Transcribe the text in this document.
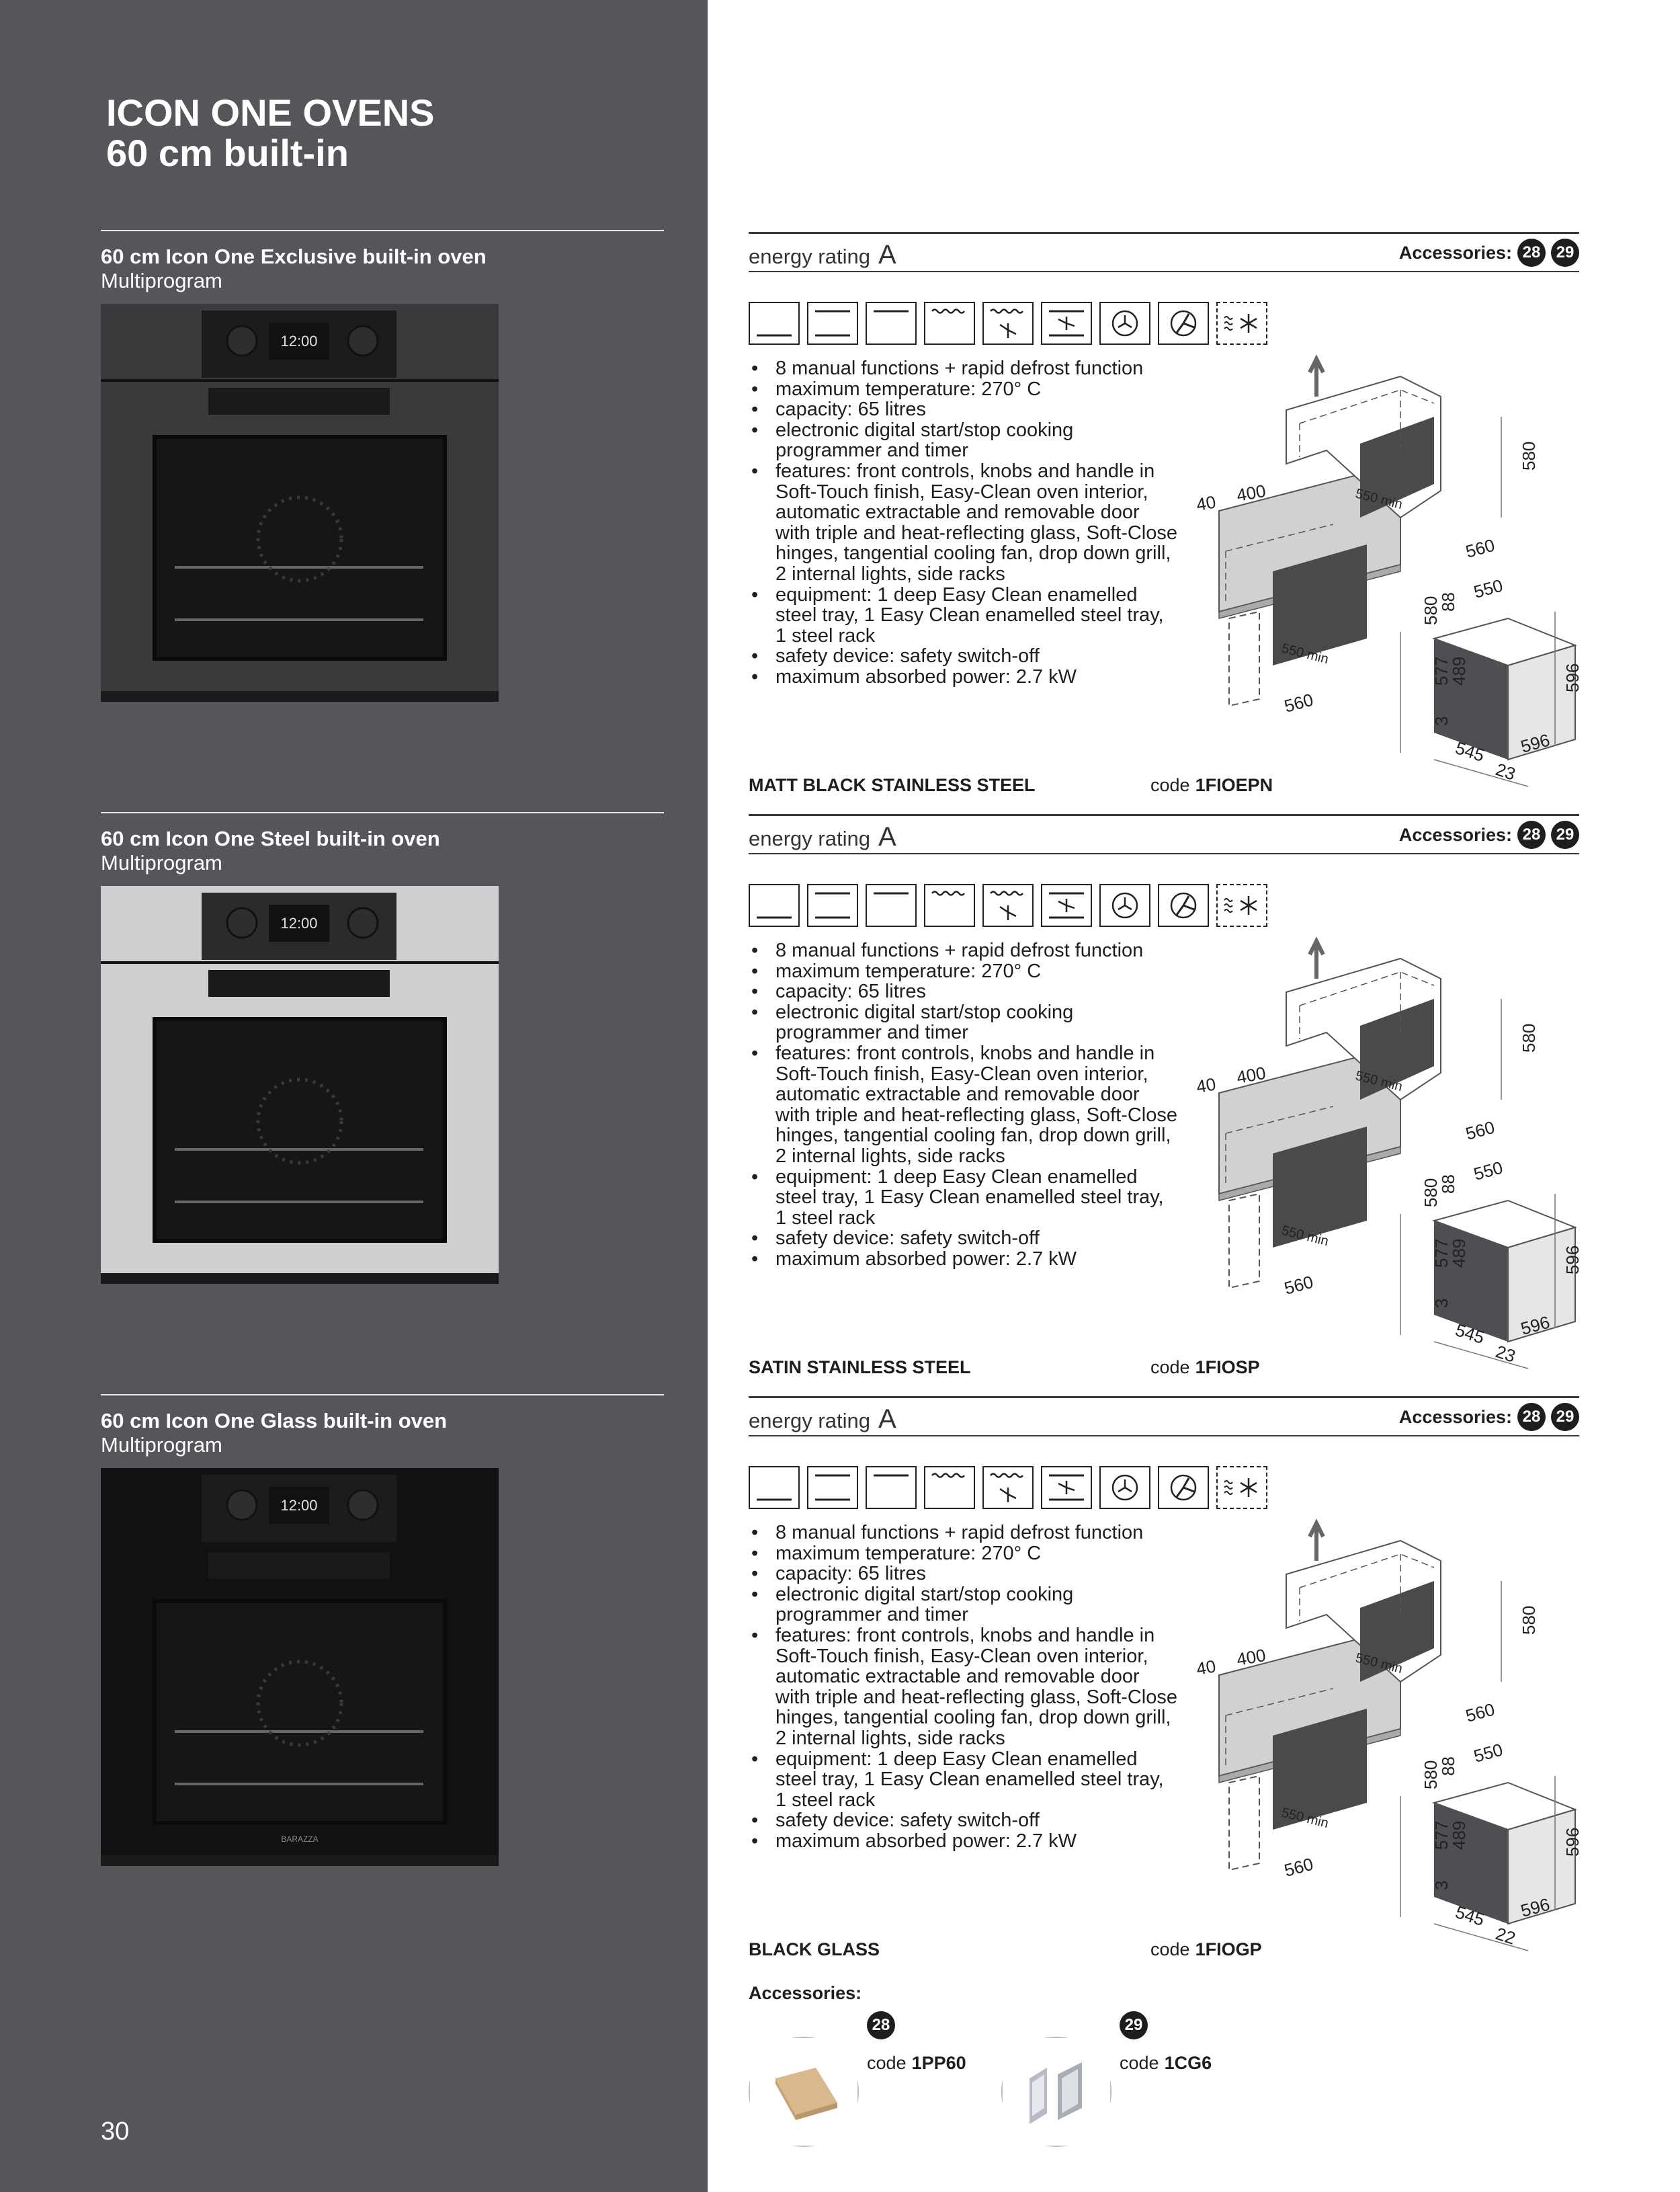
ICON ONE OVENS
60 cm built-in
60 cm Icon One Exclusive built-in oven
Multiprogram
12:00
energy rating A	Accessories: 28 29
• 8 manual functions + rapid defrost function
• maximum temperature: 270° C
• capacity: 65 litres
• electronic digital start/stop cooking programmer and timer
• features: front controls, knobs and handle in Soft-Touch finish, Easy-Clean oven interior, automatic extractable and removable door with triple and heat-reflecting glass, Soft-Close hinges, tangential cooling fan, drop down grill, 2 internal lights, side racks
• equipment: 1 deep Easy Clean enamelled steel tray, 1 Easy Clean enamelled steel tray, 1 steel rack
• safety device: safety switch-off
• maximum absorbed power: 2.7 kW
40 400	550 min
580
560
580
550 min
560
88 550
577
489
3
596
545
23
596
MATT BLACK STAINLESS STEEL	code 1FIOEPN
60 cm Icon One Steel built-in oven
Multiprogram
12:00
energy rating A	Accessories: 28 29
• 8 manual functions + rapid defrost function
• maximum temperature: 270° C
• capacity: 65 litres
• electronic digital start/stop cooking programmer and timer
• features: front controls, knobs and handle in Soft-Touch finish, Easy-Clean oven interior, automatic extractable and removable door with triple and heat-reflecting glass, Soft-Close hinges, tangential cooling fan, drop down grill, 2 internal lights, side racks
• equipment: 1 deep Easy Clean enamelled steel tray, 1 Easy Clean enamelled steel tray, 1 steel rack
• safety device: safety switch-off
• maximum absorbed power: 2.7 kW
40 400	550 min
580
560
580
550 min
560
88 550
577
489
3
596
545
23
596
SATIN STAINLESS STEEL	code 1FIOSP
60 cm Icon One Glass built-in oven
Multiprogram
12:00
BARAZZA
energy rating A	Accessories: 28 29
• 8 manual functions + rapid defrost function
• maximum temperature: 270° C
• capacity: 65 litres
• electronic digital start/stop cooking programmer and timer
• features: front controls, knobs and handle in Soft-Touch finish, Easy-Clean oven interior, automatic extractable and removable door with triple and heat-reflecting glass, Soft-Close hinges, tangential cooling fan, drop down grill, 2 internal lights, side racks
• equipment: 1 deep Easy Clean enamelled steel tray, 1 Easy Clean enamelled steel tray, 1 steel rack
• safety device: safety switch-off
• maximum absorbed power: 2.7 kW
40 400	550 min
580
560
580
550 min
560
88 550
577
489
3
596
545
22
596
BLACK GLASS	code 1FIOGP
Accessories:
28
code 1PP60
29
code 1CG6
30
